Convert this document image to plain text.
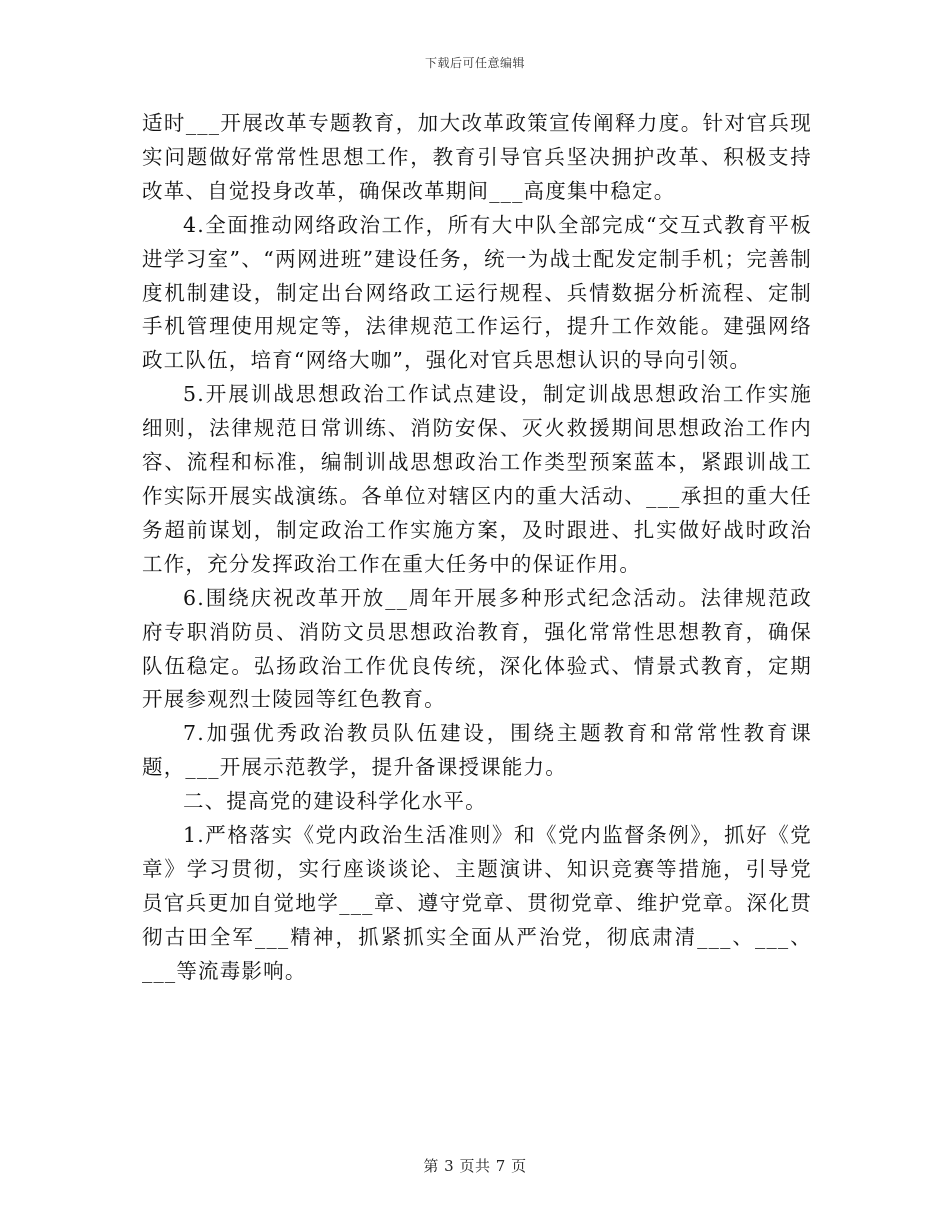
下载后可任意编辑

适时___开展改革专题教育，加大改革政策宣传阐释力度。针对官兵现实问题做好常常性思想工作，教育引导官兵坚决拥护改革、积极支持改革、自觉投身改革，确保改革期间___高度集中稳定。

4.全面推动网络政治工作，所有大中队全部完成“交互式教育平板进学习室”、“两网进班”建设任务，统一为战士配发定制手机；完善制度机制建设，制定出台网络政工运行规程、兵情数据分析流程、定制手机管理使用规定等，法律规范工作运行，提升工作效能。建强网络政工队伍，培育“网络大咖”，强化对官兵思想认识的导向引领。

5.开展训战思想政治工作试点建设，制定训战思想政治工作实施细则，法律规范日常训练、消防安保、灭火救援期间思想政治工作内容、流程和标准，编制训战思想政治工作类型预案蓝本，紧跟训战工作实际开展实战演练。各单位对辖区内的重大活动、___承担的重大任务超前谋划，制定政治工作实施方案，及时跟进、扎实做好战时政治工作，充分发挥政治工作在重大任务中的保证作用。

6.围绕庆祝改革开放__周年开展多种形式纪念活动。法律规范政府专职消防员、消防文员思想政治教育，强化常常性思想教育，确保队伍稳定。弘扬政治工作优良传统，深化体验式、情景式教育，定期开展参观烈士陵园等红色教育。

7.加强优秀政治教员队伍建设，围绕主题教育和常常性教育课题，___开展示范教学，提升备课授课能力。

二、提高党的建设科学化水平。

1.严格落实《党内政治生活准则》和《党内监督条例》，抓好《党章》学习贯彻，实行座谈谈论、主题演讲、知识竞赛等措施，引导党员官兵更加自觉地学___章、遵守党章、贯彻党章、维护党章。深化贯彻古田全军___精神，抓紧抓实全面从严治党，彻底肃清___、___、___等流毒影响。

第 3 页共 7 页
